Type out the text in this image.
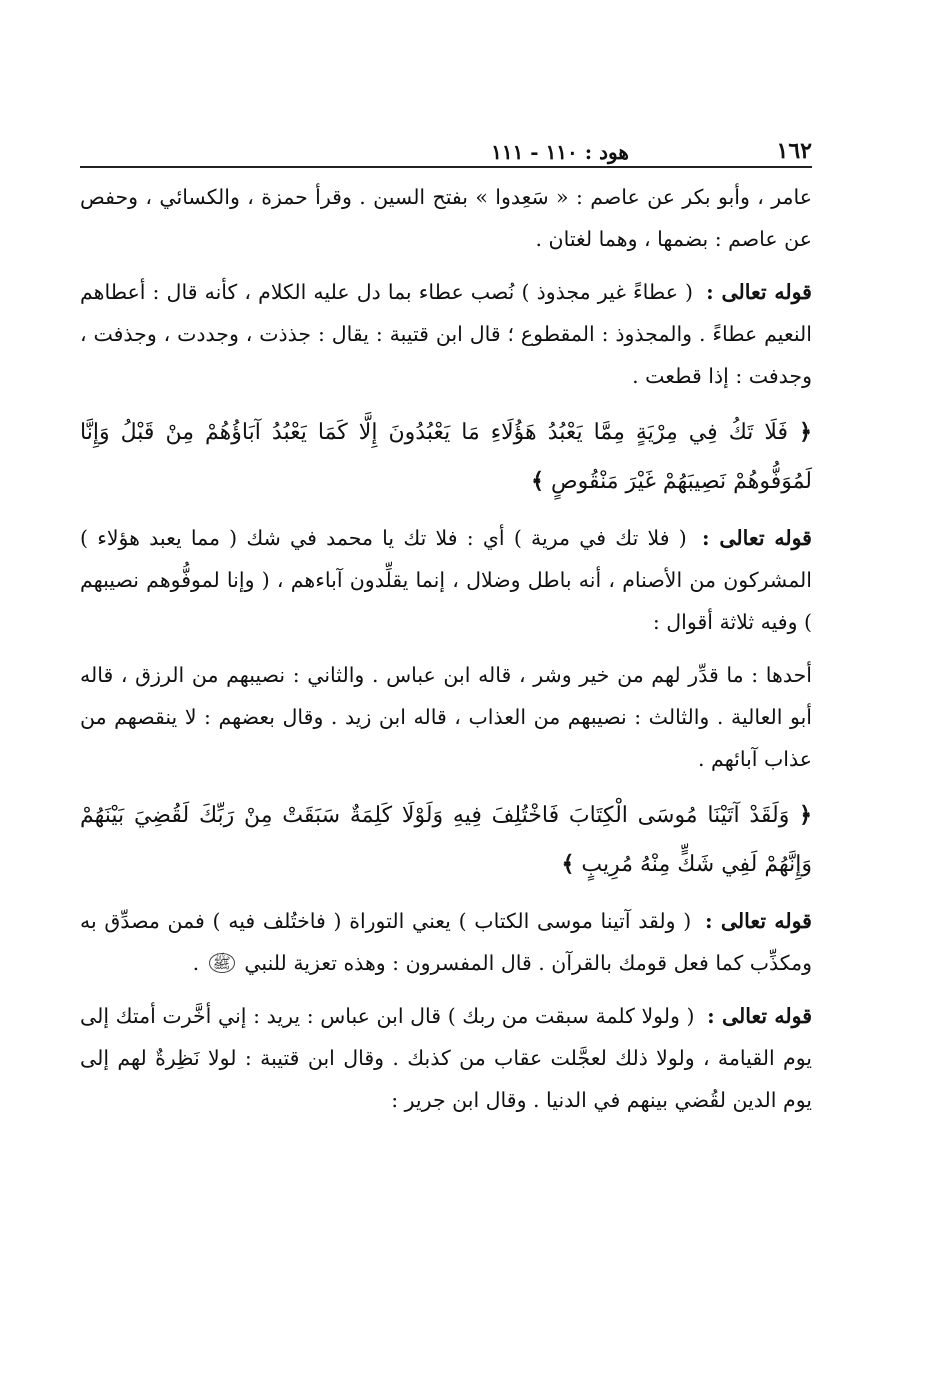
١٦٢
هود : ١١٠ - ١١١

عامر ، وأبو بكر عن عاصم : « سَعِدوا » بفتح السين . وقرأ حمزة ، والكسائي ، وحفص عن عاصم : بضمها ، وهما لغتان .

قوله تعالى : ( عطاءً غير مجذوذ ) نُصب عطاء بما دل عليه الكلام ، كأنه قال : أعطاهم النعيم عطاءً . والمجذوذ : المقطوع ؛ قال ابن قتيبة : يقال : جذذت ، وجددت ، وجذفت ، وجدفت : إذا قطعت .

﴿ فَلَا تَكُ فِي مِرْيَةٍ مِمَّا يَعْبُدُ هَؤُلَاءِ مَا يَعْبُدُونَ إِلَّا كَمَا يَعْبُدُ آبَاؤُهُمْ مِنْ قَبْلُ وَإِنَّا لَمُوَفُّوهُمْ نَصِيبَهُمْ غَيْرَ مَنْقُوصٍ ﴾

قوله تعالى : ( فلا تك في مرية ) أي : فلا تك يا محمد في شك ( مما يعبد هؤلاء ) المشركون من الأصنام ، أنه باطل وضلال ، إنما يقلِّدون آباءهم ، ( وإنا لموفُّوهم نصيبهم ) وفيه ثلاثة أقوال :

أحدها : ما قدِّر لهم من خير وشر ، قاله ابن عباس . والثاني : نصيبهم من الرزق ، قاله أبو العالية . والثالث : نصيبهم من العذاب ، قاله ابن زيد . وقال بعضهم : لا ينقصهم من عذاب آبائهم .

﴿ وَلَقَدْ آتَيْنَا مُوسَى الْكِتَابَ فَاخْتُلِفَ فِيهِ وَلَوْلَا كَلِمَةٌ سَبَقَتْ مِنْ رَبِّكَ لَقُضِيَ بَيْنَهُمْ وَإِنَّهُمْ لَفِي شَكٍّ مِنْهُ مُرِيبٍ ﴾

قوله تعالى : ( ولقد آتينا موسى الكتاب ) يعني التوراة ( فاختُلف فيه ) فمن مصدِّق به ومكذِّب كما فعل قومك بالقرآن . قال المفسرون : وهذه تعزية للنبي ﷺ .

قوله تعالى : ( ولولا كلمة سبقت من ربك ) قال ابن عباس : يريد : إني أخَّرت أمتك إلى يوم القيامة ، ولولا ذلك لعجَّلت عقاب من كذبك . وقال ابن قتيبة : لولا نَظِرةٌ لهم إلى يوم الدين لقُضي بينهم في الدنيا . وقال ابن جرير :
